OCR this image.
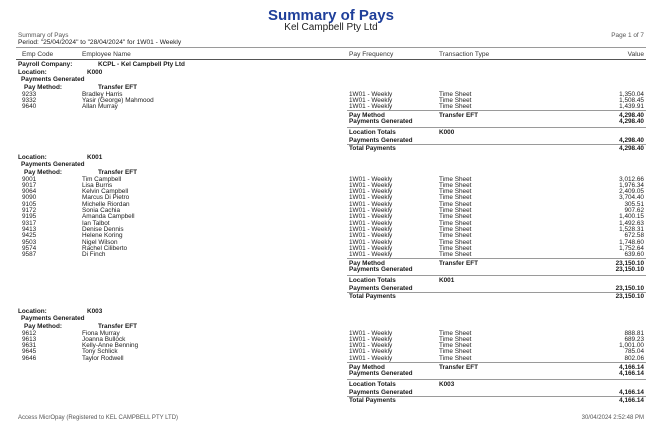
Summary of Pays
Kel Campbell Pty Ltd
Summary of Pays
Period: "25/04/2024" to "28/04/2024" for 1W01 - Weekly
Page 1 of 7
Emp Code	Employee Name	Pay Frequency	Transaction Type	Value
Payroll Company:	KCPL - Kel Campbell Pty Ltd
Location:	K000
Payments Generated
Pay Method:	Transfer EFT
9233	Bradley Harris	1W01 - Weekly	Time Sheet	1,350.04
9332	Yasir (George) Mahmood	1W01 - Weekly	Time Sheet	1,508.45
9640	Allan Murray	1W01 - Weekly	Time Sheet	1,439.91
Pay Method	Transfer EFT	4,298.40
Payments Generated	4,298.40
Location Totals	K000
Payments Generated	4,298.40
Total Payments	4,298.40
Location:	K001
Payments Generated
Pay Method:	Transfer EFT
9001	Tim Campbell	1W01 - Weekly	Time Sheet	3,012.66
9017	Lisa Burns	1W01 - Weekly	Time Sheet	1,976.34
9064	Kelvin Campbell	1W01 - Weekly	Time Sheet	2,409.05
9090	Marcus Di Pietro	1W01 - Weekly	Time Sheet	3,704.40
9105	Michelle Riordan	1W01 - Weekly	Time Sheet	305.51
9172	Sonia Cachia	1W01 - Weekly	Time Sheet	907.62
9195	Amanda Campbell	1W01 - Weekly	Time Sheet	1,400.15
9317	Ian Talbot	1W01 - Weekly	Time Sheet	1,492.63
9413	Denise Dennis	1W01 - Weekly	Time Sheet	1,528.31
9425	Helene Koring	1W01 - Weekly	Time Sheet	672.58
9503	Nigel Wilson	1W01 - Weekly	Time Sheet	1,748.60
9574	Rachel Ciliberto	1W01 - Weekly	Time Sheet	1,752.64
9587	Di Finch	1W01 - Weekly	Time Sheet	639.60
Pay Method	Transfer EFT	23,150.10
Payments Generated	23,150.10
Location Totals	K001
Payments Generated	23,150.10
Total Payments	23,150.10
Location:	K003
Payments Generated
Pay Method:	Transfer EFT
9612	Fiona Murray	1W01 - Weekly	Time Sheet	888.81
9613	Joanna Bullock	1W01 - Weekly	Time Sheet	689.23
9631	Kelly-Anne Benning	1W01 - Weekly	Time Sheet	1,001.00
9645	Tony Schlick	1W01 - Weekly	Time Sheet	785.04
9646	Taylor Rodwell	1W01 - Weekly	Time Sheet	802.06
Pay Method	Transfer EFT	4,166.14
Payments Generated	4,166.14
Location Totals	K003
Payments Generated	4,166.14
Total Payments	4,166.14
Access MicrOpay (Registered to KEL CAMPBELL PTY LTD)	30/04/2024 2:52:48 PM
